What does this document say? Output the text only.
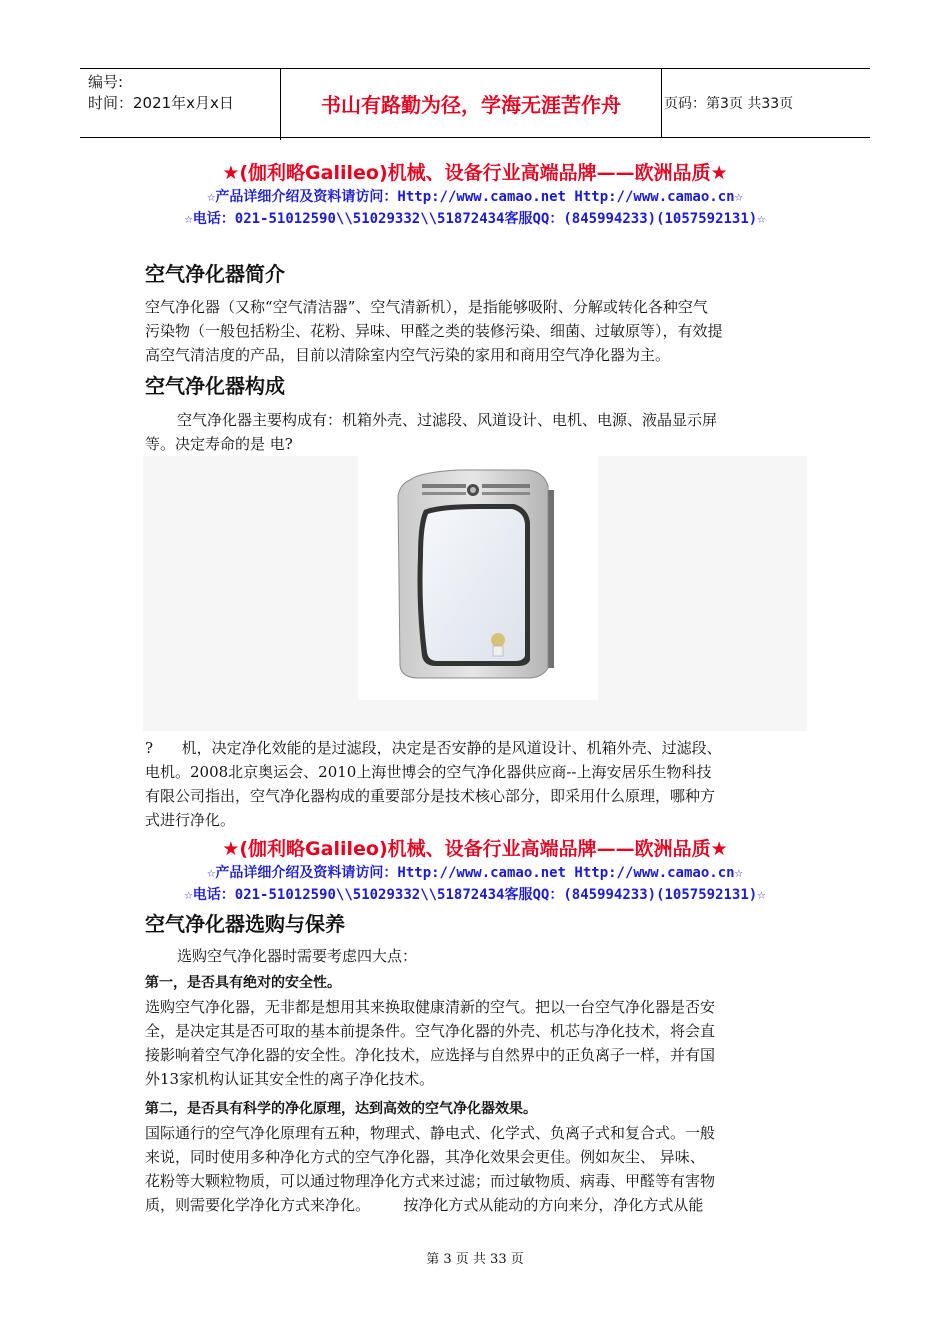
编号:
时间：2021年x月x日	书山有路勤为径，学海无涯苦作舟	页码：第3页 共33页
★(伽利略Galileo)机械、设备行业高端品牌——欧洲品质★
☆产品详细介绍及资料请访问：Http://www.camao.net Http://www.camao.cn☆
☆电话：021-51012590\\51029332\\51872434客服QQ：(845994233)(1057592131)☆
空气净化器简介
空气净化器（又称“空气清洁器”、空气清新机），是指能够吸附、分解或转化各种空气
污染物（一般包括粉尘、花粉、异味、甲醛之类的装修污染、细菌、过敏原等），有效提
高空气清洁度的产品，目前以清除室内空气污染的家用和商用空气净化器为主。
空气净化器构成
空气净化器主要构成有：机箱外壳、过滤段、风道设计、电机、电源、液晶显示屏
等。决定寿命的是 电?
?      机，决定净化效能的是过滤段，决定是否安静的是风道设计、机箱外壳、过滤段、
电机。2008北京奥运会、2010上海世博会的空气净化器供应商--上海安居乐生物科技
有限公司指出，空气净化器构成的重要部分是技术核心部分，即采用什么原理，哪种方
式进行净化。
★(伽利略Galileo)机械、设备行业高端品牌——欧洲品质★
☆产品详细介绍及资料请访问：Http://www.camao.net Http://www.camao.cn☆
☆电话：021-51012590\\51029332\\51872434客服QQ：(845994233)(1057592131)☆
空气净化器选购与保养
选购空气净化器时需要考虑四大点：
第一，是否具有绝对的安全性。
选购空气净化器，无非都是想用其来换取健康清新的空气。把以一台空气净化器是否安
全，是决定其是否可取的基本前提条件。空气净化器的外壳、机芯与净化技术，将会直
接影响着空气净化器的安全性。净化技术，应选择与自然界中的正负离子一样，并有国
外13家机构认证其安全性的离子净化技术。
第二，是否具有科学的净化原理，达到高效的空气净化器效果。
国际通行的空气净化原理有五种，物理式、静电式、化学式、负离子式和复合式。一般
来说，同时使用多种净化方式的空气净化器，其净化效果会更佳。例如灰尘、 异味、
花粉等大颗粒物质，可以通过物理净化方式来过滤；而过敏物质、病毒、甲醛等有害物
质，则需要化学净化方式来净化。       按净化方式从能动的方向来分，净化方式从能
第 3 页 共 33 页
